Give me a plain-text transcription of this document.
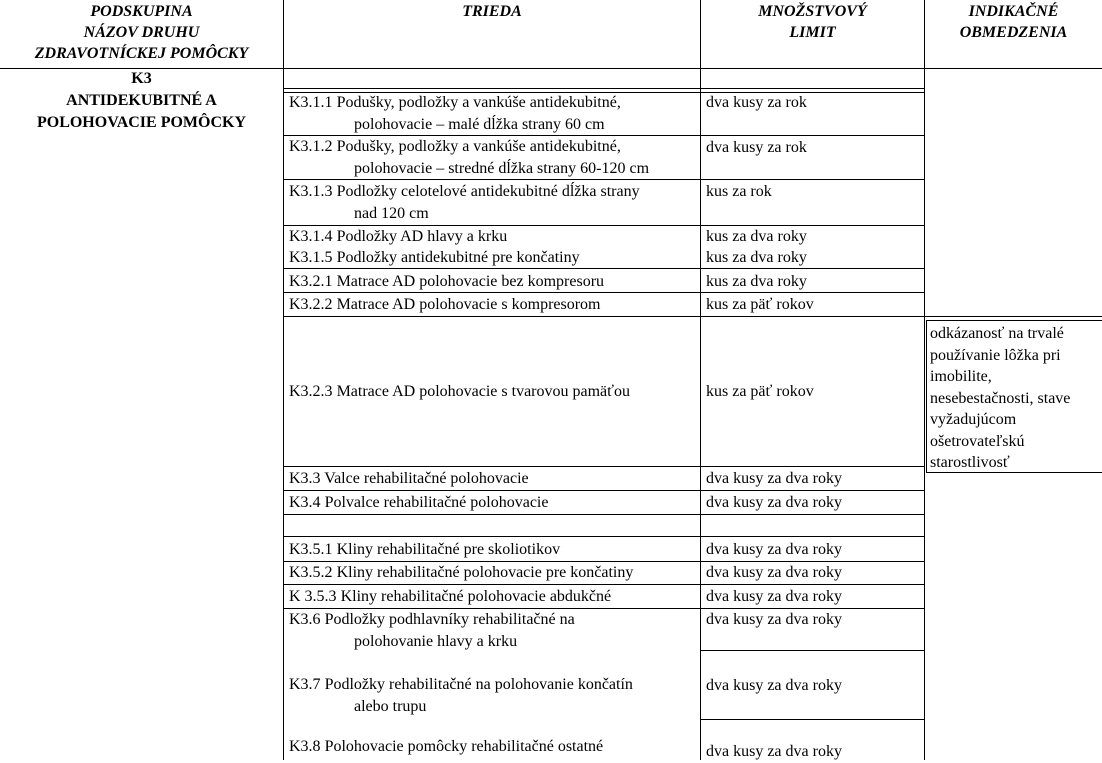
PODSKUPINA
NÁZOV DRUHU
ZDRAVOTNÍCKEJ POMÔCKY
TRIEDA	MNOŽSTVOVÝ
LIMIT
INDIKAČNÉ
OBMEDZENIA
K3
ANTIDEKUBITNÉ A
POLOHOVACIE POMÔCKY
K3.1.1 Podušky, podložky a vankúše antidekubitné,
polohovacie – malé dĺžka strany 60 cm
K3.1.2 Podušky, podložky a vankúše antidekubitné,
polohovacie – stredné dĺžka strany 60-120 cm
K3.1.3 Podložky celotelové antidekubitné dĺžka strany
nad 120 cm
K3.1.4 Podložky AD hlavy a krku
K3.1.5 Podložky antidekubitné pre končatiny
K3.2.1 Matrace AD polohovacie bez kompresoru
K3.2.2 Matrace AD polohovacie s kompresorom
K3.2.3 Matrace AD polohovacie s tvarovou pamäťou
K3.3 Valce rehabilitačné polohovacie
K3.4 Polvalce rehabilitačné polohovacie
K3.5.1 Kliny rehabilitačné pre skoliotikov
K3.5.2 Kliny rehabilitačné polohovacie pre končatiny
K 3.5.3 Kliny rehabilitačné polohovacie abdukčné
K3.6 Podložky podhlavníky rehabilitačné na
polohovanie hlavy a krku
K3.7 Podložky rehabilitačné na polohovanie končatín
alebo trupu
K3.8 Polohovacie pomôcky rehabilitačné ostatné
dva kusy za rok
dva kusy za rok
kus za rok
kus za dva roky
kus za dva roky
kus za dva roky
kus za päť rokov
kus za päť rokov
dva kusy za dva roky
dva kusy za dva roky
dva kusy za dva roky
dva kusy za dva roky
dva kusy za dva roky
dva kusy za dva roky
dva kusy za dva roky
dva kusy za dva roky
odkázanosť na trvalé
používanie lôžka pri
imobilite,
nesebestačnosti, stave
vyžadujúcom
ošetrovateľskú
starostlivosť
